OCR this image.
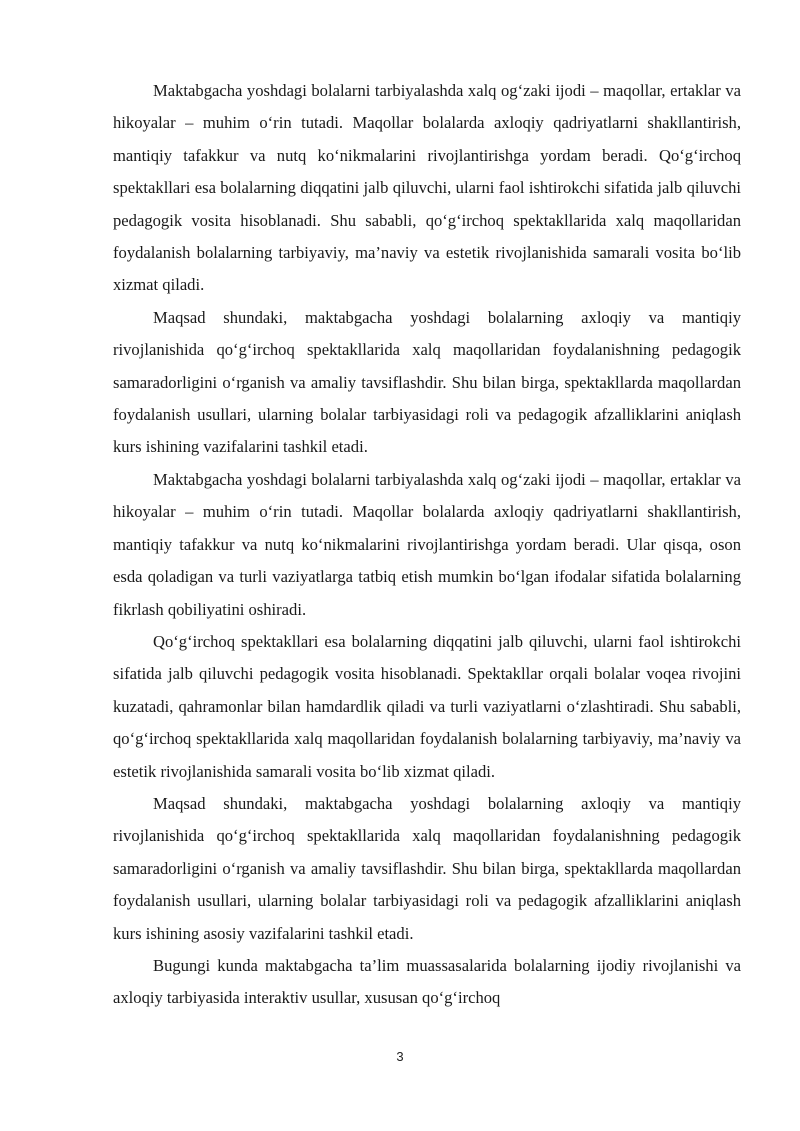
Maktabgacha yoshdagi bolalarni tarbiyalashda xalq og‘zaki ijodi – maqollar, ertaklar va hikoyalar – muhim o‘rin tutadi. Maqollar bolalarda axloqiy qadriyatlarni shakllantirish, mantiqiy tafakkur va nutq ko‘nikmalarini rivojlantirishga yordam beradi. Qo‘g‘irchoq spektakllari esa bolalarning diqqatini jalb qiluvchi, ularni faol ishtirokchi sifatida jalb qiluvchi pedagogik vosita hisoblanadi. Shu sababli, qo‘g‘irchoq spektakllarida xalq maqollaridan foydalanish bolalarning tarbiyaviy, ma’naviy va estetik rivojlanishida samarali vosita bo‘lib xizmat qiladi.

Maqsad shundaki, maktabgacha yoshdagi bolalarning axloqiy va mantiqiy rivojlanishida qo‘g‘irchoq spektakllarida xalq maqollaridan foydalanishning pedagogik samaradorligini o‘rganish va amaliy tavsiflashdir. Shu bilan birga, spektakllarda maqollardan foydalanish usullari, ularning bolalar tarbiyasidagi roli va pedagogik afzalliklarini aniqlash kurs ishining vazifalarini tashkil etadi.

Maktabgacha yoshdagi bolalarni tarbiyalashda xalq og‘zaki ijodi – maqollar, ertaklar va hikoyalar – muhim o‘rin tutadi. Maqollar bolalarda axloqiy qadriyatlarni shakllantirish, mantiqiy tafakkur va nutq ko‘nikmalarini rivojlantirishga yordam beradi. Ular qisqa, oson esda qoladigan va turli vaziyatlarga tatbiq etish mumkin bo‘lgan ifodalar sifatida bolalarning fikrlash qobiliyatini oshiradi.

Qo‘g‘irchoq spektakllari esa bolalarning diqqatini jalb qiluvchi, ularni faol ishtirokchi sifatida jalb qiluvchi pedagogik vosita hisoblanadi. Spektakllar orqali bolalar voqea rivojini kuzatadi, qahramonlar bilan hamdardlik qiladi va turli vaziyatlarni o‘zlashtiradi. Shu sababli, qo‘g‘irchoq spektakllarida xalq maqollaridan foydalanish bolalarning tarbiyaviy, ma’naviy va estetik rivojlanishida samarali vosita bo‘lib xizmat qiladi.

Maqsad shundaki, maktabgacha yoshdagi bolalarning axloqiy va mantiqiy rivojlanishida qo‘g‘irchoq spektakllarida xalq maqollaridan foydalanishning pedagogik samaradorligini o‘rganish va amaliy tavsiflashdir. Shu bilan birga, spektakllarda maqollardan foydalanish usullari, ularning bolalar tarbiyasidagi roli va pedagogik afzalliklarini aniqlash kurs ishining asosiy vazifalarini tashkil etadi.

Bugungi kunda maktabgacha ta’lim muassasalarida bolalarning ijodiy rivojlanishi va axloqiy tarbiyasida interaktiv usullar, xususan qo‘g‘irchoq

3
